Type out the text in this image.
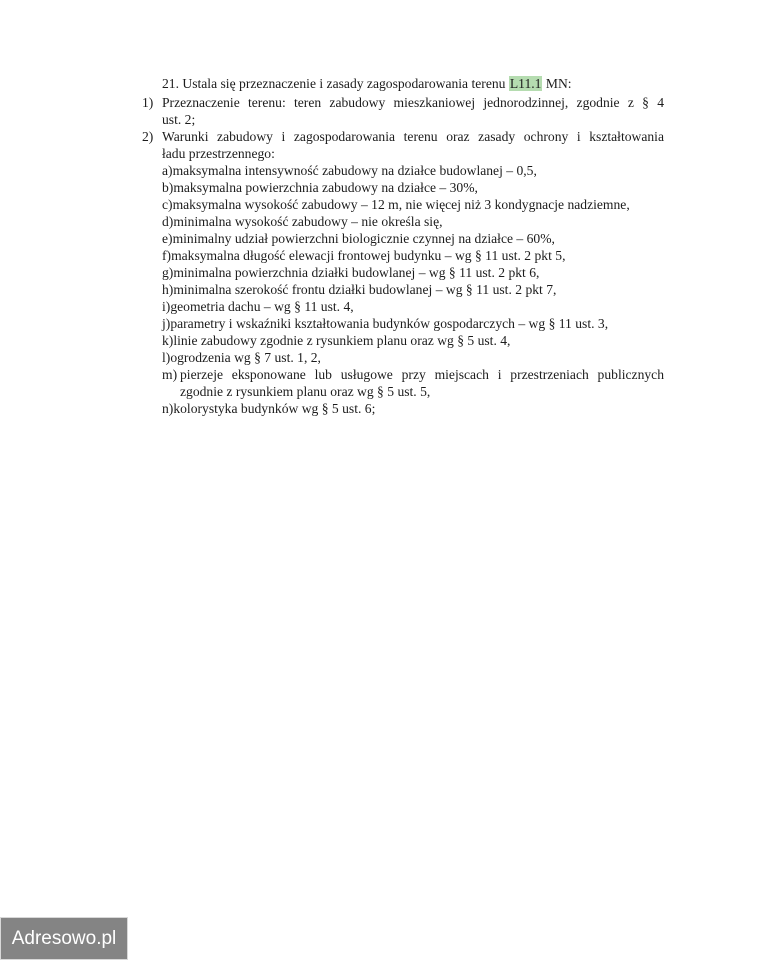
21. Ustala się przeznaczenie i zasady zagospodarowania terenu L11.1 MN:
1) Przeznaczenie terenu: teren zabudowy mieszkaniowej jednorodzinnej, zgodnie z § 4
ust. 2;
2) Warunki zabudowy i zagospodarowania terenu oraz zasady ochrony i kształtowania
ładu przestrzennego:
a)maksymalna intensywność zabudowy na działce budowlanej – 0,5,
b)maksymalna powierzchnia zabudowy na działce – 30%,
c)maksymalna wysokość zabudowy – 12 m, nie więcej niż 3 kondygnacje nadziemne,
d)minimalna wysokość zabudowy – nie określa się,
e)minimalny udział powierzchni biologicznie czynnej na działce – 60%,
f)maksymalna długość elewacji frontowej budynku – wg § 11 ust. 2 pkt 5,
g)minimalna powierzchnia działki budowlanej – wg § 11 ust. 2 pkt 6,
h)minimalna szerokość frontu działki budowlanej – wg § 11 ust. 2 pkt 7,
i)geometria dachu – wg § 11 ust. 4,
j)parametry i wskaźniki kształtowania budynków gospodarczych – wg § 11 ust. 3,
k)linie zabudowy zgodnie z rysunkiem planu oraz wg § 5 ust. 4,
l)ogrodzenia wg § 7 ust. 1, 2,
m) pierzeje eksponowane lub usługowe przy miejscach i przestrzeniach publicznych
zgodnie z rysunkiem planu oraz wg § 5 ust. 5,
n)kolorystyka budynków wg § 5 ust. 6;
Adresowo.pl
